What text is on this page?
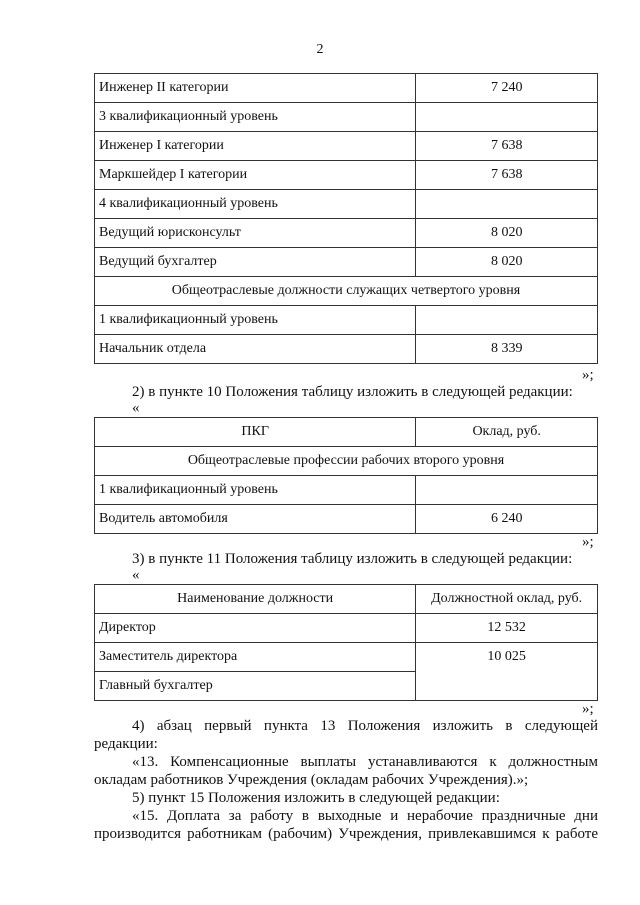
2
Инженер II категории	7 240
3 квалификационный уровень	
Инженер I категории	7 638
Маркшейдер I категории	7 638
4 квалификационный уровень	
Ведущий юрисконсульт	8 020
Ведущий бухгалтер	8 020
Общеотраслевые должности служащих четвертого уровня	
1 квалификационный уровень	
Начальник отдела	8 339
»;
2) в пункте 10 Положения таблицу изложить в следующей редакции:
«
ПКГ	Оклад, руб.
Общеотраслевые профессии рабочих второго уровня	
1 квалификационный уровень	
Водитель автомобиля	6 240
»;
3) в пункте 11 Положения таблицу изложить в следующей редакции:
«
Наименование должности	Должностной оклад, руб.
Директор	12 532
Заместитель директора	10 025
Главный бухгалтер	
»;
4) абзац первый пункта 13 Положения изложить в следующей
редакции:
«13. Компенсационные выплаты устанавливаются к должностным
окладам работников Учреждения (окладам рабочих Учреждения).»;
5) пункт 15 Положения изложить в следующей редакции:
«15. Доплата за работу в выходные и нерабочие праздничные дни
производится работникам (рабочим) Учреждения, привлекавшимся к работе
